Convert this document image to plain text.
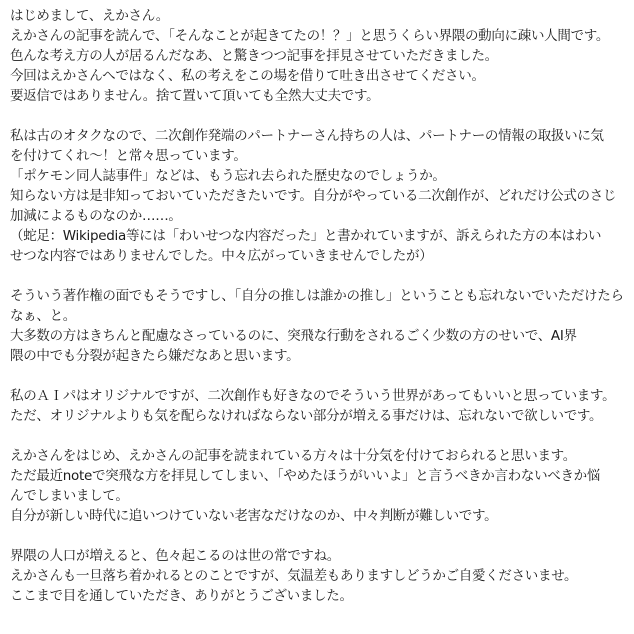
はじめまして、えかさん。
えかさんの記事を読んで、「そんなことが起きてたの！？」と思うくらい界隈の動向に疎い人間です。
色んな考え方の人が居るんだなあ、と驚きつつ記事を拝見させていただきました。
今回はえかさんへではなく、私の考えをこの場を借りて吐き出させてください。
要返信ではありません。捨て置いて頂いても全然大丈夫です。
私は古のオタクなので、二次創作発端のパートナーさん持ちの人は、パートナーの情報の取扱いに気
を付けてくれ〜！と常々思っています。
「ポケモン同人誌事件」などは、もう忘れ去られた歴史なのでしょうか。
知らない方は是非知っておいていただきたいです。自分がやっている二次創作が、どれだけ公式のさじ
加減によるものなのか……。
（蛇足：Wikipedia等には「わいせつな内容だった」と書かれていますが、訴えられた方の本はわい
せつな内容ではありませんでした。中々広がっていきませんでしたが）
そういう著作権の面でもそうですし、「自分の推しは誰かの推し」ということも忘れないでいただけたら
なぁ、と。
大多数の方はきちんと配慮なさっているのに、突飛な行動をされるごく少数の方のせいで、AI界
隈の中でも分裂が起きたら嫌だなあと思います。
私のＡＩパはオリジナルですが、二次創作も好きなのでそういう世界があってもいいと思っています。
ただ、オリジナルよりも気を配らなければならない部分が増える事だけは、忘れないで欲しいです。
えかさんをはじめ、えかさんの記事を読まれている方々は十分気を付けておられると思います。
ただ最近noteで突飛な方を拝見してしまい、「やめたほうがいいよ」と言うべきか言わないべきか悩
んでしまいまして。
自分が新しい時代に追いつけていない老害なだけなのか、中々判断が難しいです。
界隈の人口が増えると、色々起こるのは世の常ですね。
えかさんも一旦落ち着かれるとのことですが、気温差もありますしどうかご自愛くださいませ。
ここまで目を通していただき、ありがとうございました。
